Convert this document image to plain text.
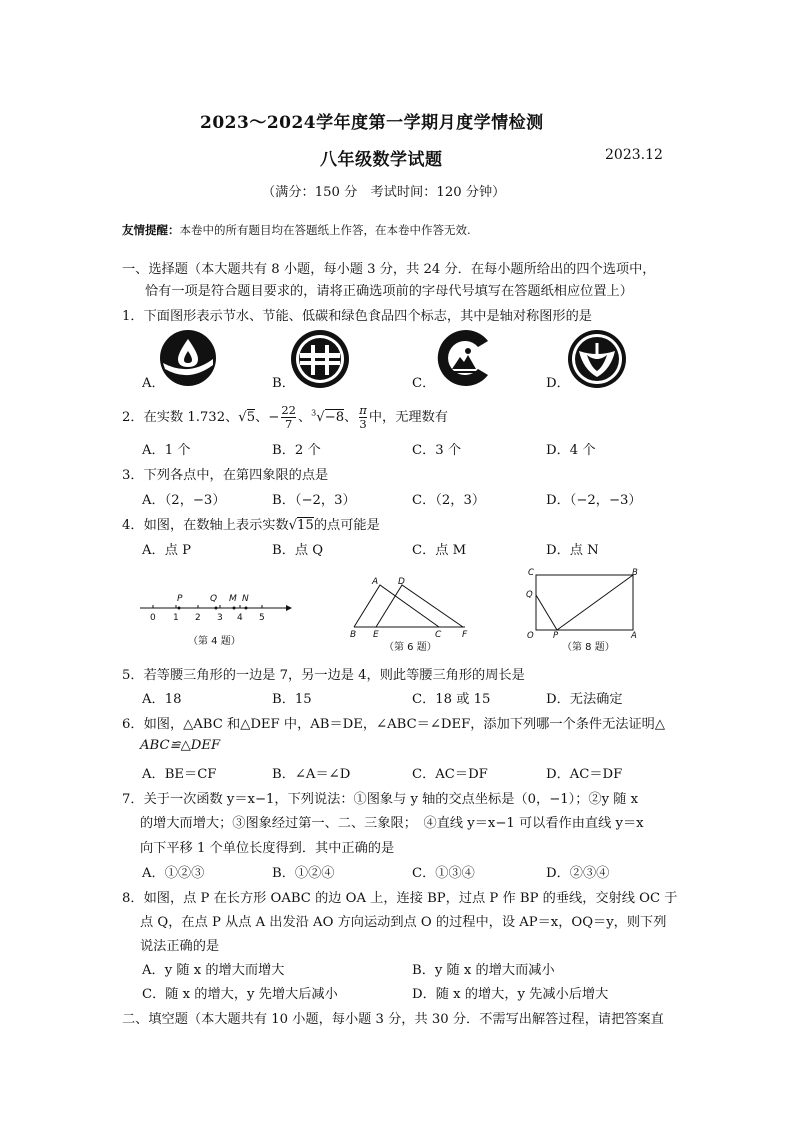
2023～2024学年度第一学期月度学情检测
八年级数学试题	2023.12
（满分：150 分　考试时间：120 分钟）
友情提醒：本卷中的所有题目均在答题纸上作答，在本卷中作答无效.
一、选择题（本大题共有 8 小题，每小题 3 分，共 24 分．在每小题所给出的四个选项中，
恰有一项是符合题目要求的，请将正确选项前的字母代号填写在答题纸相应位置上）
1．下面图形表示节水、节能、低碳和绿色食品四个标志，其中是轴对称图形的是
A．	B．	C．	D．
2．在实数 1.732、√5、− $\frac{22}{7}$ 、$^3$√−8、 $\frac{\pi}{3}$ 中，无理数有
A．1 个	B．2 个	C．3 个	D．4 个
3．下列各点中，在第四象限的点是
A．（2，−3）	B．（−2，3）	C．（2，3）	D．（−2，−3）
4．如图，在数轴上表示实数√15的点可能是
A．点 P	B．点 Q	C．点 M	D．点 N
0 1 2 3 4 5
P	Q M N
（第 4 题）
A D
B E	C F
（第 6 题）
C	B
Q
O P	A
（第 8 题）
5．若等腰三角形的一边是 7，另一边是 4，则此等腰三角形的周长是
A．18	B．15	C．18 或 15	D．无法确定
6．如图，△ABC 和△DEF 中，AB＝DE，∠ABC＝∠DEF，添加下列哪一个条件无法证明△
ABC≌△DEF
A．BE＝CF	B．∠A＝∠D	C．AC＝DF	D．AC＝DF
7．关于一次函数 y＝x−1，下列说法：①图象与 y 轴的交点坐标是（0，−1）；②y 随 x
的增大而增大；③图象经过第一、二、三象限；　④直线 y＝x−1 可以看作由直线 y＝x
向下平移 1 个单位长度得到．其中正确的是
A．①②③	B．①②④	C．①③④	D．②③④
8．如图，点 P 在长方形 OABC 的边 OA 上，连接 BP，过点 P 作 BP 的垂线，交射线 OC 于
点 Q，在点 P 从点 A 出发沿 AO 方向运动到点 O 的过程中，设 AP＝x，OQ＝y，则下列
说法正确的是
A．y 随 x 的增大而增大	B．y 随 x 的增大而减小
C．随 x 的增大，y 先增大后减小	D．随 x 的增大，y 先减小后增大
二、填空题（本大题共有 10 小题，每小题 3 分，共 30 分．不需写出解答过程，请把答案直
